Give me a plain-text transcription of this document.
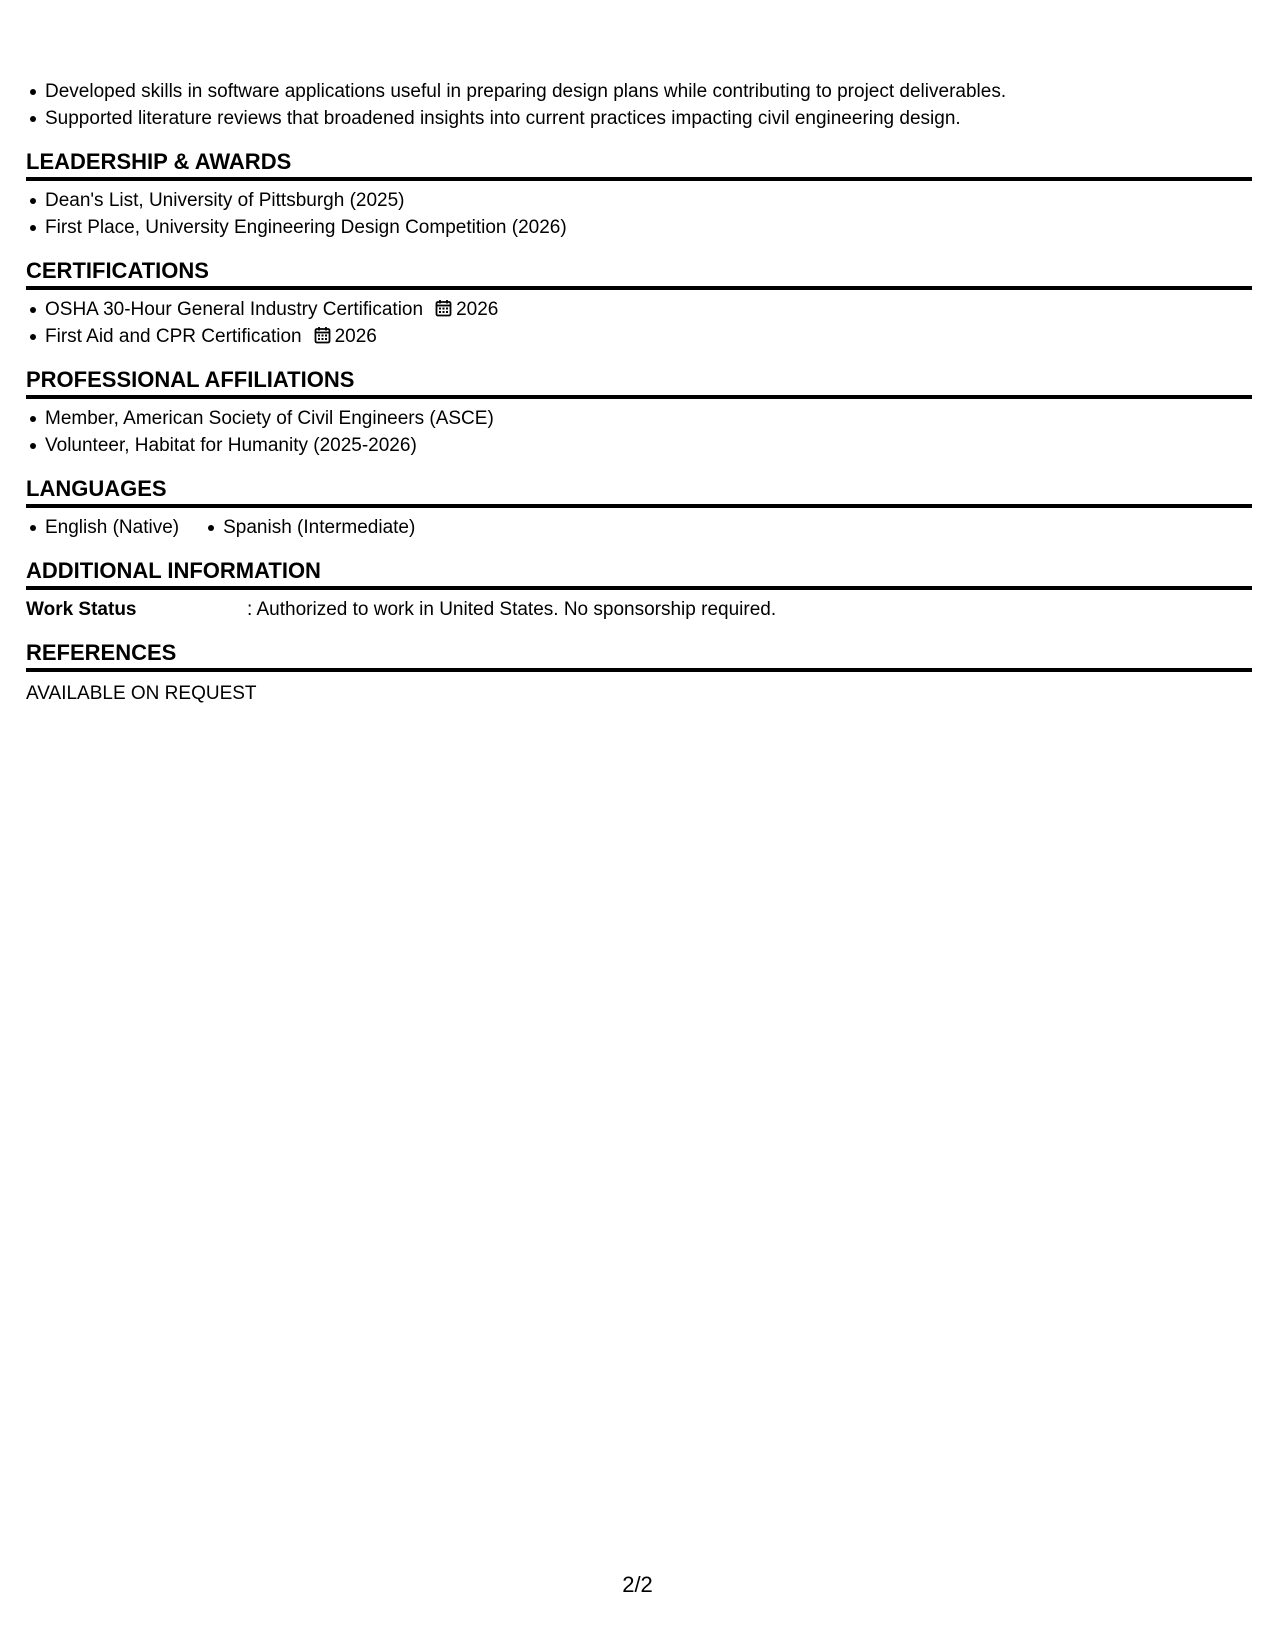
Developed skills in software applications useful in preparing design plans while contributing to project deliverables.
Supported literature reviews that broadened insights into current practices impacting civil engineering design.
LEADERSHIP & AWARDS
Dean's List, University of Pittsburgh (2025)
First Place, University Engineering Design Competition (2026)
CERTIFICATIONS
OSHA 30-Hour General Industry Certification 2026
First Aid and CPR Certification 2026
PROFESSIONAL AFFILIATIONS
Member, American Society of Civil Engineers (ASCE)
Volunteer, Habitat for Humanity (2025-2026)
LANGUAGES
English (Native) Spanish (Intermediate)
ADDITIONAL INFORMATION
Work Status	: Authorized to work in United States. No sponsorship required.
REFERENCES
AVAILABLE ON REQUEST
2/2
